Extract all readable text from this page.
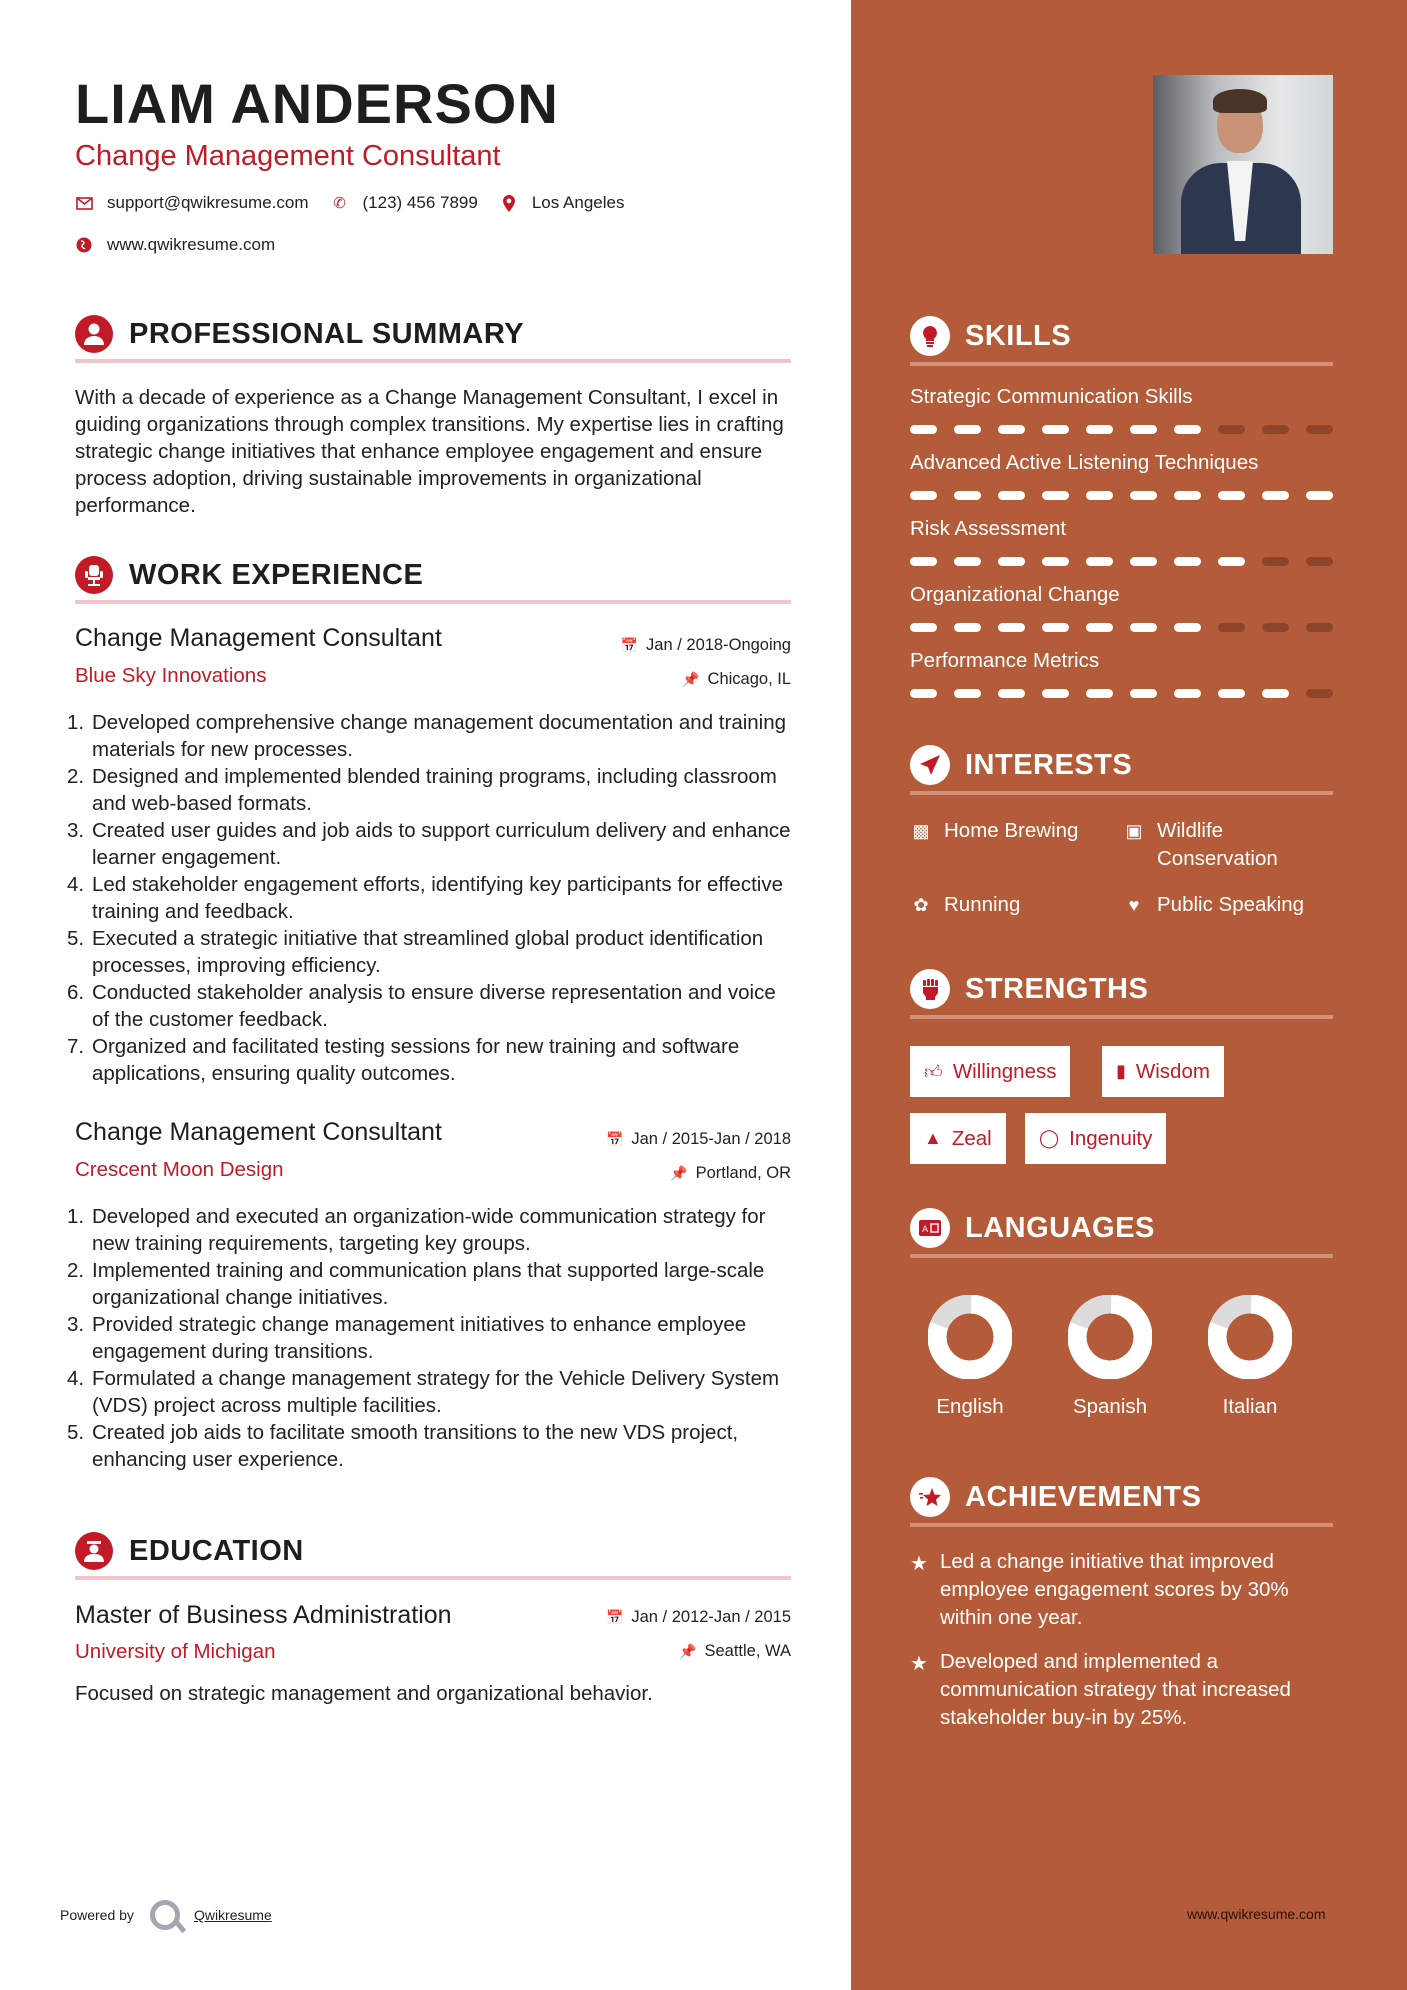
LIAM ANDERSON
Change Management Consultant
support@qwikresume.com ✆ (123) 456 7899	Los Angeles
www.qwikresume.com
PROFESSIONAL SUMMARY
With a decade of experience as a Change Management Consultant, I excel in guiding organizations through complex transitions. My expertise lies in crafting strategic change initiatives that enhance employee engagement and ensure process adoption, driving sustainable improvements in organizational performance.
WORK EXPERIENCE
Change Management Consultant	📅 Jan / 2018-Ongoing
Blue Sky Innovations	📌 Chicago, IL
1. Developed comprehensive change management documentation and training materials for new processes.
2. Designed and implemented blended training programs, including classroom and web-based formats.
3. Created user guides and job aids to support curriculum delivery and enhance learner engagement.
4. Led stakeholder engagement efforts, identifying key participants for effective training and feedback.
5. Executed a strategic initiative that streamlined global product identification processes, improving efficiency.
6. Conducted stakeholder analysis to ensure diverse representation and voice of the customer feedback.
7. Organized and facilitated testing sessions for new training and software applications, ensuring quality outcomes.
Change Management Consultant	📅 Jan / 2015-Jan / 2018
Crescent Moon Design	📌 Portland, OR
1. Developed and executed an organization-wide communication strategy for new training requirements, targeting key groups.
2. Implemented training and communication plans that supported large-scale organizational change initiatives.
3. Provided strategic change management initiatives to enhance employee engagement during transitions.
4. Formulated a change management strategy for the Vehicle Delivery System (VDS) project across multiple facilities.
5. Created job aids to facilitate smooth transitions to the new VDS project, enhancing user experience.
EDUCATION
Master of Business Administration	📅 Jan / 2012-Jan / 2015
University of Michigan	📌 Seattle, WA
Focused on strategic management and organizational behavior.
Powered by	Qwikresume
SKILLS
Strategic Communication Skills
Advanced Active Listening Techniques
Risk Assessment
Organizational Change
Performance Metrics
INTERESTS
▩ Home Brewing	▣ Wildlife Conservation
✿ Running	♥ Public Speaking
STRENGTHS
👍︎ Willingness	▮ Wisdom
▲ Zeal	◯ Ingenuity
A LANGUAGES
English	Spanish	Italian
ACHIEVEMENTS
★ Led a change initiative that improved employee engagement scores by 30% within one year.
★ Developed and implemented a communication strategy that increased stakeholder buy-in by 25%.
www.qwikresume.com
